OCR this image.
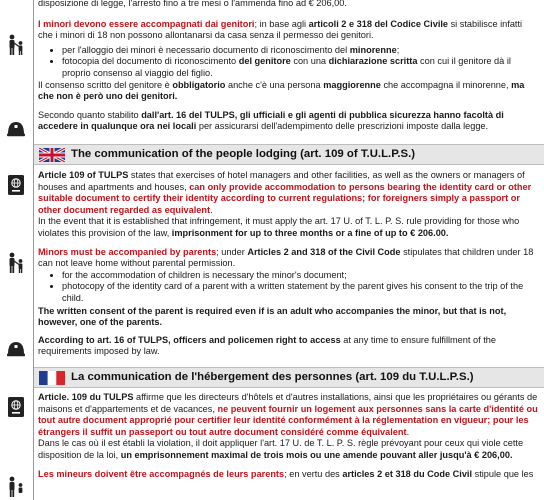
disposizione di legge, l'arresto fino a tre mesi o l'ammenda fino ad € 206,00.

I minori devono essere accompagnati dai genitori; in base agli articoli 2 e 318 del Codice Civile si stabilisce infatti che i minori di 18 non possono allontanarsi da casa senza il permesso dei genitori.

• per l'alloggio dei minori è necessario documento di riconoscimento del minorenne;
• fotocopia del documento di riconoscimento del genitore con una dichiarazione scritta con cui il genitore dà il proprio consenso al viaggio del figlio.

Il consenso scritto del genitore è obbligatorio anche c'è una persona maggiorenne che accompagna il minorenne, ma che non è però uno dei genitori.

Secondo quanto stabilito dall'art. 16 del TULPS, gli ufficiali e gli agenti di pubblica sicurezza hanno facoltà di accedere in qualunque ora nei locali per assicurarsi dell'adempimento delle prescrizioni imposte dalla legge.

The communication of the people lodging (art. 109 of T.U.L.P.S.)

Article 109 of TULPS states that exercises of hotel managers and other facilities, as well as the owners or managers of houses and apartments and houses, can only provide accommodation to persons bearing the identity card or other suitable document to certify their identity according to current regulations; for foreigners simply a passport or other document regarded as equivalent.

In the event that it is established that infringement, it must apply the art. 17 U. of T. L. P. S. rule providing for those who violates this provision of the law, imprisonment for up to three months or a fine of up to € 206.00.

Minors must be accompanied by parents; under Articles 2 and 318 of the Civil Code stipulates that children under 18 can not leave home without parental permission.

• for the accommodation of children is necessary the minor's document;
• photocopy of the identity card of a parent with a written statement by the parent gives his consent to the trip of the child.

The written consent of the parent is required even if is an adult who accompanies the minor, but that is not, however, one of the parents.

According to art. 16 of TULPS, officers and policemen right to access at any time to ensure fulfillment of the requirements imposed by law.

La communication de l'hébergement des personnes (art. 109 du T.U.L.P.S.)

Article. 109 du TULPS affirme que les directeurs d'hôtels et d'autres installations, ainsi que les propriétaires ou gérants de maisons et d'appartements et de vacances, ne peuvent fournir un logement aux personnes sans la carte d'identité ou tout autre document approprié pour certifier leur identité conformément à la réglementation en vigueur; pour les étrangers il suffit un passeport ou tout autre document considéré comme équivalent.

Dans le cas où il est établi la violation, il doit appliquer l'art. 17 U. de T. L. P. S. règle prévoyant pour ceux qui viole cette disposition de la loi, un emprisonnement maximal de trois mois ou une amende pouvant aller jusqu'à € 206,00.

Les mineurs doivent être accompagnés de leurs parents; en vertu des articles 2 et 318 du Code Civil stipule que les
